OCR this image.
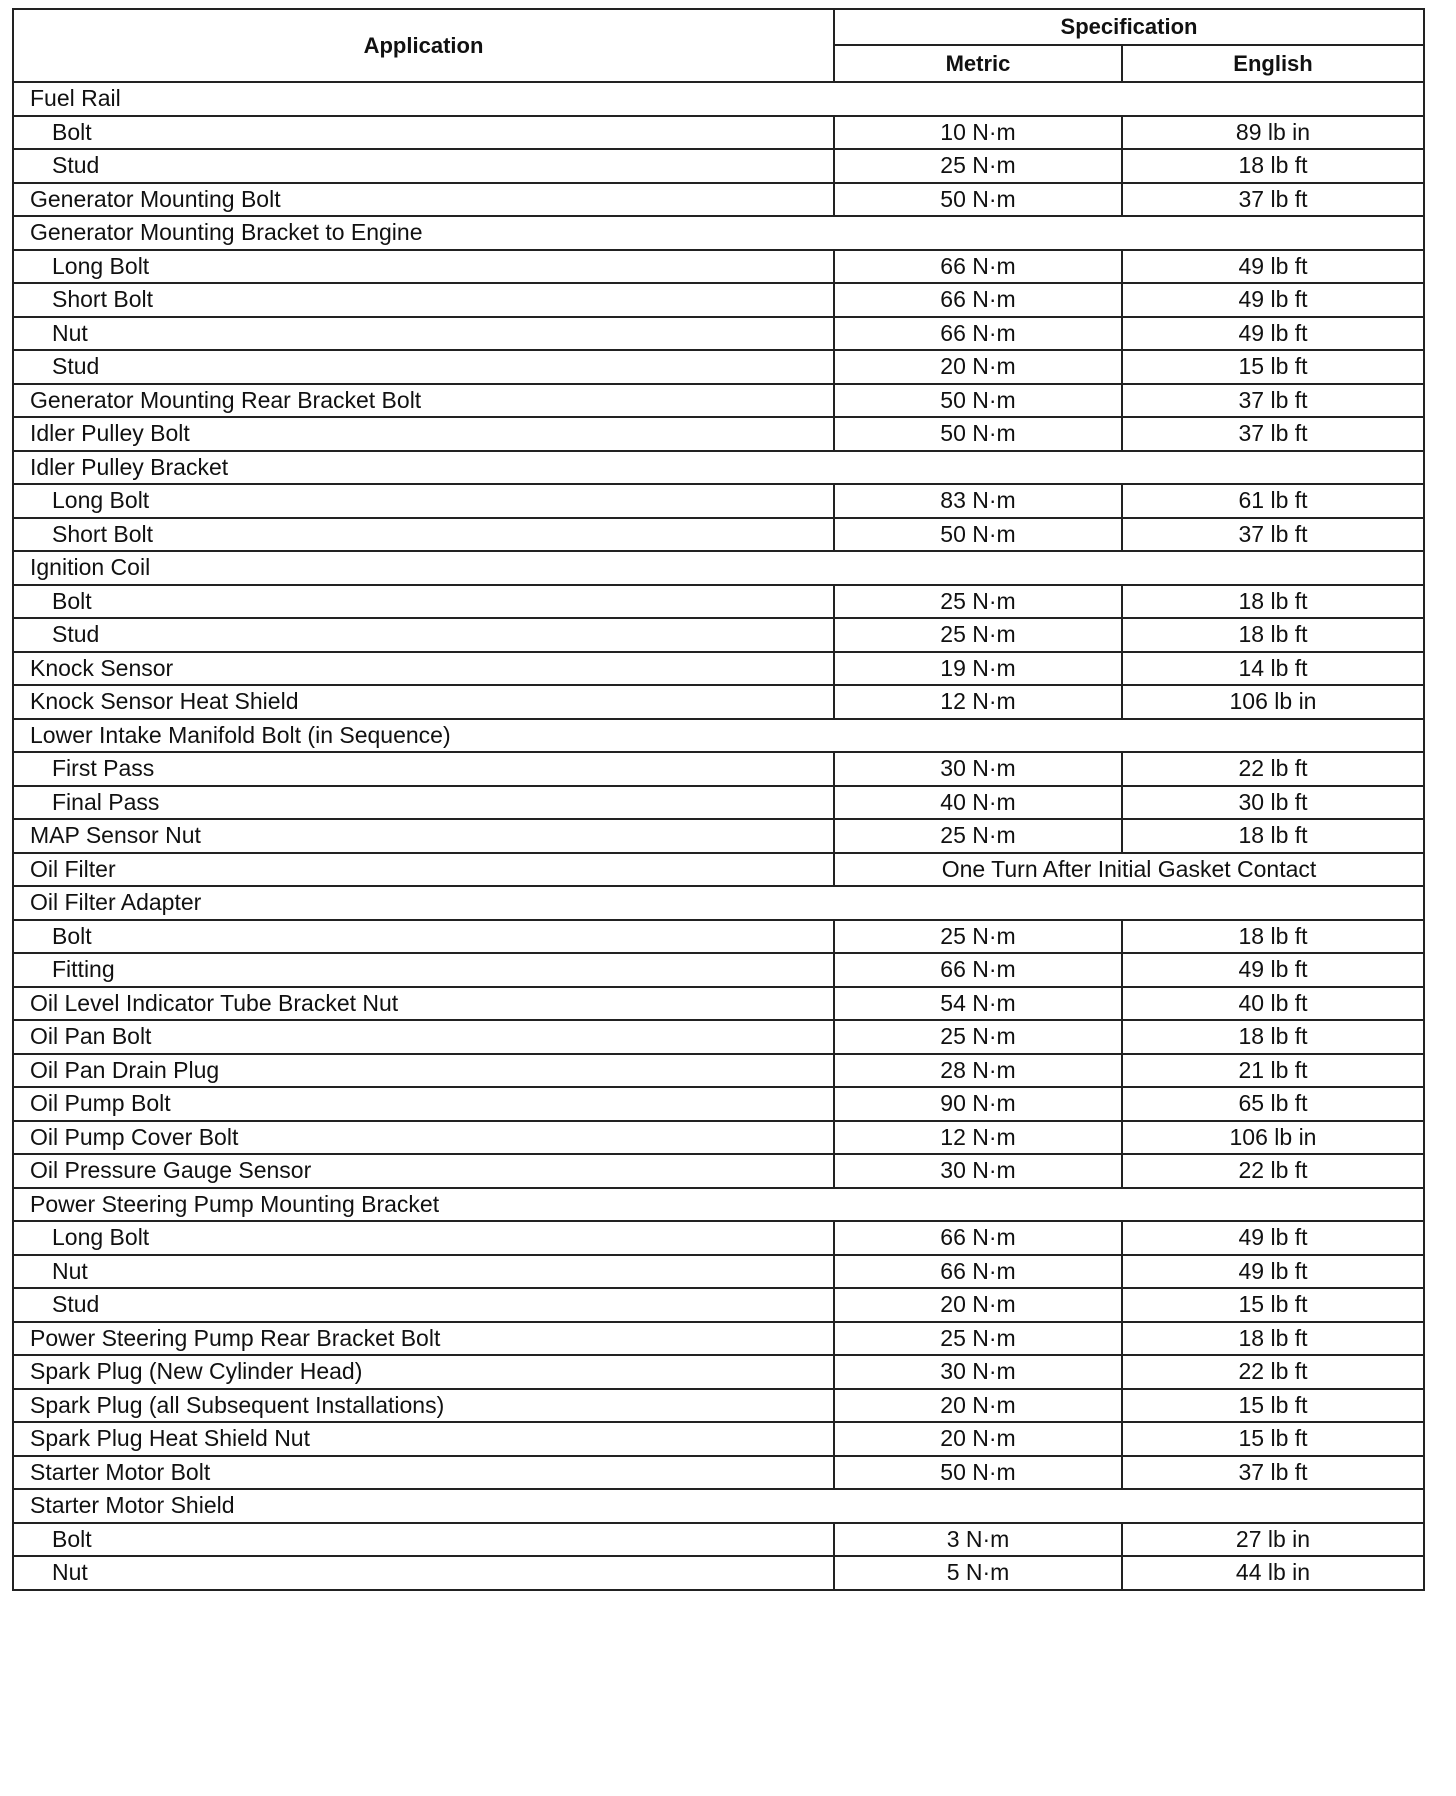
Application	Specification	
	Metric	English
Fuel Rail		
Bolt	10 N·m	89 lb in
Stud	25 N·m	18 lb ft
Generator Mounting Bolt	50 N·m	37 lb ft
Generator Mounting Bracket to Engine		
Long Bolt	66 N·m	49 lb ft
Short Bolt	66 N·m	49 lb ft
Nut	66 N·m	49 lb ft
Stud	20 N·m	15 lb ft
Generator Mounting Rear Bracket Bolt	50 N·m	37 lb ft
Idler Pulley Bolt	50 N·m	37 lb ft
Idler Pulley Bracket		
Long Bolt	83 N·m	61 lb ft
Short Bolt	50 N·m	37 lb ft
Ignition Coil		
Bolt	25 N·m	18 lb ft
Stud	25 N·m	18 lb ft
Knock Sensor	19 N·m	14 lb ft
Knock Sensor Heat Shield	12 N·m	106 lb in
Lower Intake Manifold Bolt (in Sequence)		
First Pass	30 N·m	22 lb ft
Final Pass	40 N·m	30 lb ft
MAP Sensor Nut	25 N·m	18 lb ft
Oil Filter	One Turn After Initial Gasket Contact	
Oil Filter Adapter		
Bolt	25 N·m	18 lb ft
Fitting	66 N·m	49 lb ft
Oil Level Indicator Tube Bracket Nut	54 N·m	40 lb ft
Oil Pan Bolt	25 N·m	18 lb ft
Oil Pan Drain Plug	28 N·m	21 lb ft
Oil Pump Bolt	90 N·m	65 lb ft
Oil Pump Cover Bolt	12 N·m	106 lb in
Oil Pressure Gauge Sensor	30 N·m	22 lb ft
Power Steering Pump Mounting Bracket		
Long Bolt	66 N·m	49 lb ft
Nut	66 N·m	49 lb ft
Stud	20 N·m	15 lb ft
Power Steering Pump Rear Bracket Bolt	25 N·m	18 lb ft
Spark Plug (New Cylinder Head)	30 N·m	22 lb ft
Spark Plug (all Subsequent Installations)	20 N·m	15 lb ft
Spark Plug Heat Shield Nut	20 N·m	15 lb ft
Starter Motor Bolt	50 N·m	37 lb ft
Starter Motor Shield		
Bolt	3 N·m	27 lb in
Nut	5 N·m	44 lb in
